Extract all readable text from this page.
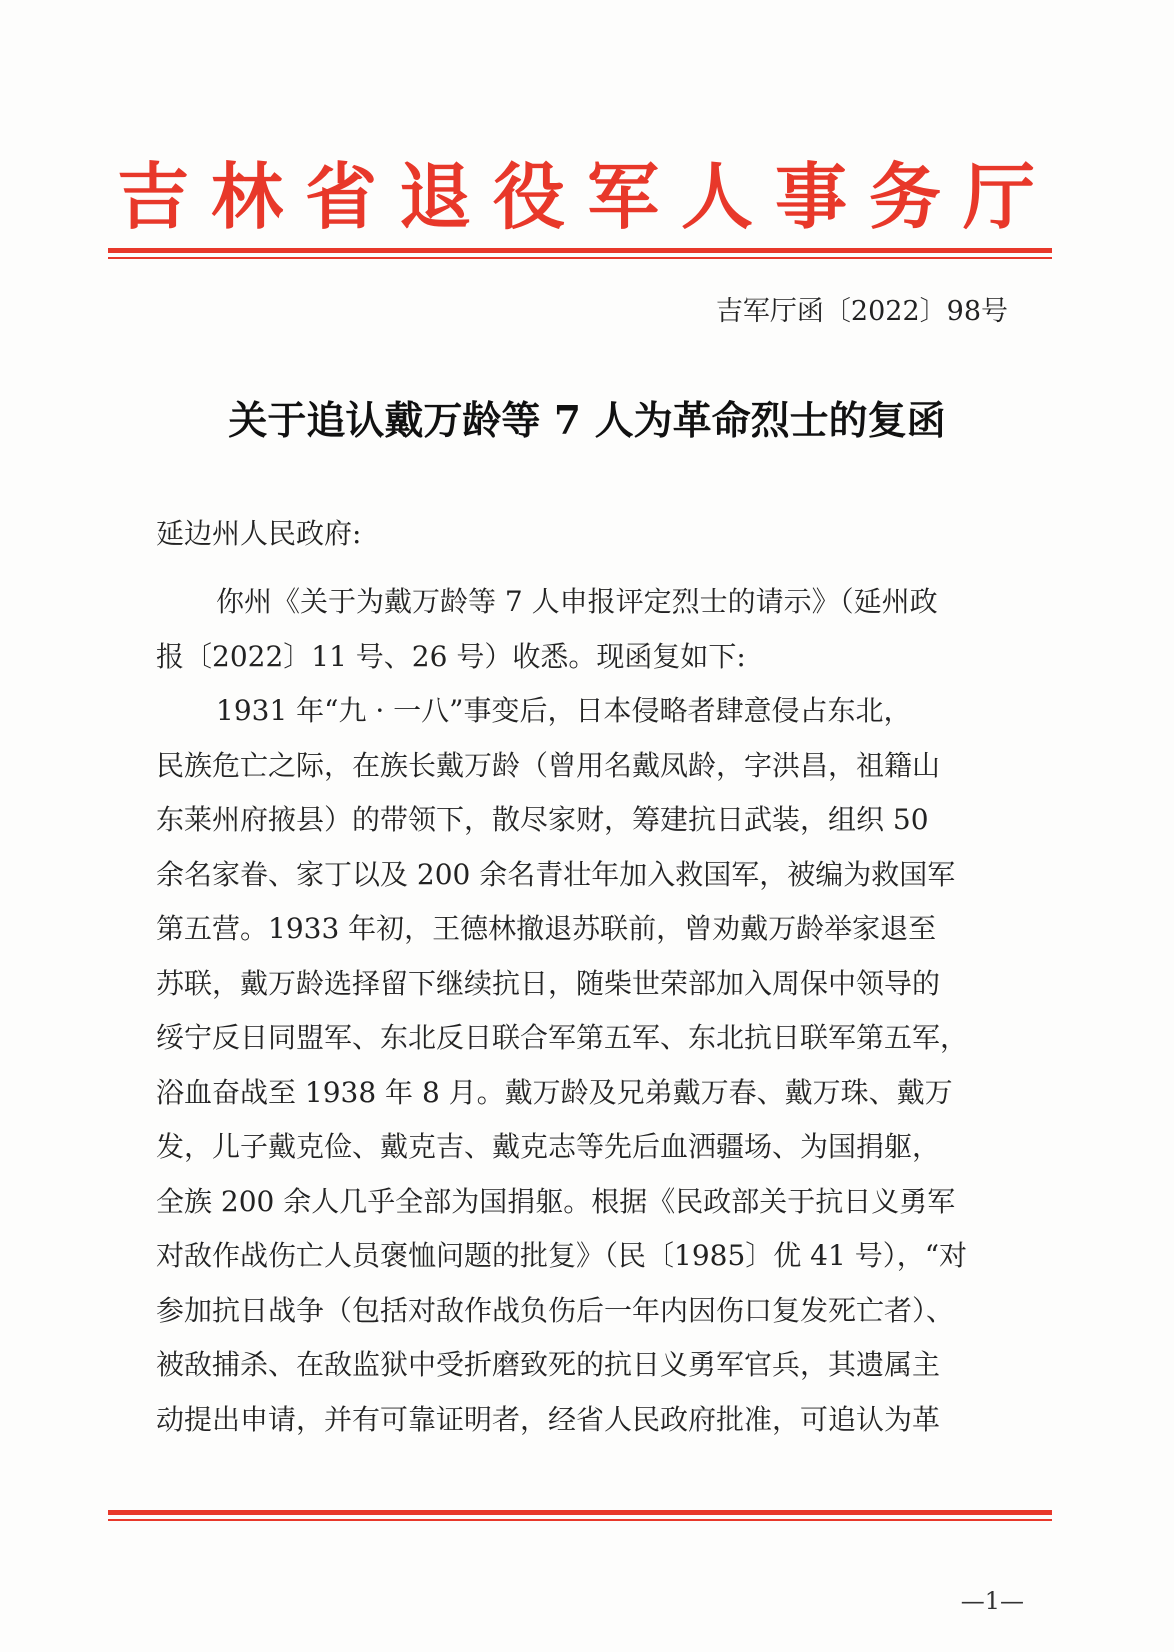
吉林省退役军人事务厅
吉军厅函〔2022〕98号
关于追认戴万龄等 7 人为革命烈士的复函
延边州人民政府:
你州《关于为戴万龄等 7 人申报评定烈士的请示》（延州政
报〔2022〕11 号、26 号）收悉。现函复如下:
1931 年“九 · 一八”事变后，日本侵略者肆意侵占东北，
民族危亡之际，在族长戴万龄（曾用名戴凤龄，字洪昌，祖籍山
东莱州府掖县）的带领下，散尽家财，筹建抗日武装，组织 50
余名家眷、家丁以及 200 余名青壮年加入救国军，被编为救国军
第五营。1933 年初，王德林撤退苏联前，曾劝戴万龄举家退至
苏联，戴万龄选择留下继续抗日，随柴世荣部加入周保中领导的
绥宁反日同盟军、东北反日联合军第五军、东北抗日联军第五军，
浴血奋战至 1938 年 8 月。戴万龄及兄弟戴万春、戴万珠、戴万
发，儿子戴克俭、戴克吉、戴克志等先后血洒疆场、为国捐躯，
全族 200 余人几乎全部为国捐躯。根据《民政部关于抗日义勇军
对敌作战伤亡人员褒恤问题的批复》（民〔1985〕优 41 号），“对
参加抗日战争（包括对敌作战负伤后一年内因伤口复发死亡者）、
被敌捕杀、在敌监狱中受折磨致死的抗日义勇军官兵，其遗属主
动提出申请，并有可靠证明者，经省人民政府批准，可追认为革
—1—
